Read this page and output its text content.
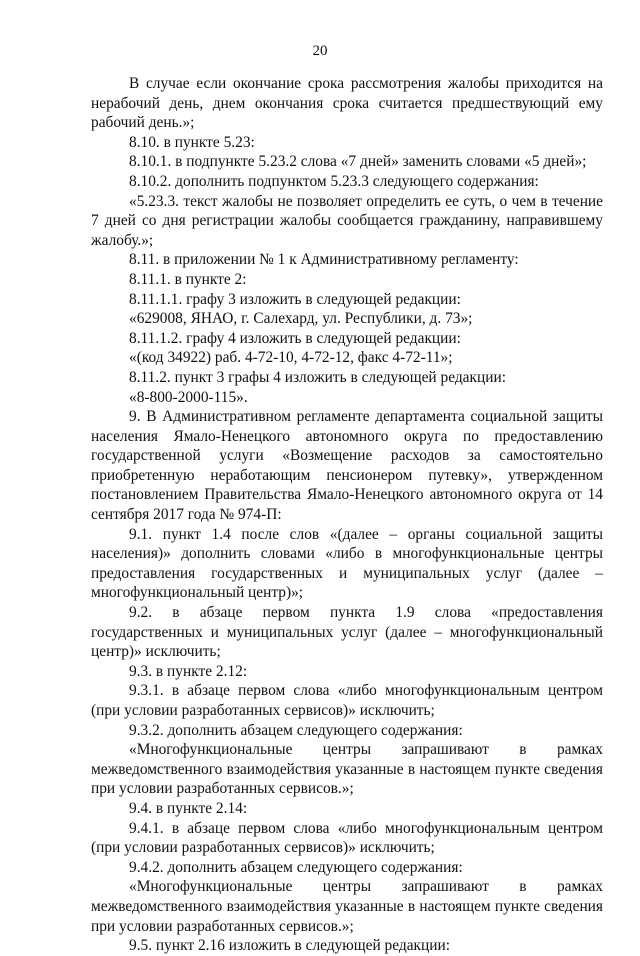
20

В случае если окончание срока рассмотрения жалобы приходится на нерабочий день, днем окончания срока считается предшествующий ему рабочий день.»;

8.10. в пункте 5.23:

8.10.1. в подпункте 5.23.2 слова «7 дней» заменить словами «5 дней»;

8.10.2. дополнить подпунктом 5.23.3 следующего содержания:

«5.23.3. текст жалобы не позволяет определить ее суть, о чем в течение 7 дней со дня регистрации жалобы сообщается гражданину, направившему жалобу.»;

8.11. в приложении № 1 к Административному регламенту:

8.11.1. в пункте 2:

8.11.1.1. графу 3 изложить в следующей редакции:

«629008, ЯНАО, г. Салехард, ул. Республики, д. 73»;

8.11.1.2. графу 4 изложить в следующей редакции:

«(код 34922) раб. 4-72-10, 4-72-12, факс 4-72-11»;

8.11.2. пункт 3 графы 4 изложить в следующей редакции:

«8-800-2000-115».

9. В Административном регламенте департамента социальной защиты населения Ямало-Ненецкого автономного округа по предоставлению государственной услуги «Возмещение расходов за самостоятельно приобретенную неработающим пенсионером путевку», утвержденном постановлением Правительства Ямало-Ненецкого автономного округа от 14 сентября 2017 года № 974-П:

9.1. пункт 1.4 после слов «(далее – органы социальной защиты населения)» дополнить словами «либо в многофункциональные центры предоставления государственных и муниципальных услуг (далее – многофункциональный центр)»;

9.2. в абзаце первом пункта 1.9 слова «предоставления государственных и муниципальных услуг (далее – многофункциональный центр)» исключить;

9.3. в пункте 2.12:

9.3.1. в абзаце первом слова «либо многофункциональным центром (при условии разработанных сервисов)» исключить;

9.3.2. дополнить абзацем следующего содержания:

«Многофункциональные центры запрашивают в рамках межведомственного взаимодействия указанные в настоящем пункте сведения при условии разработанных сервисов.»;

9.4. в пункте 2.14:

9.4.1. в абзаце первом слова «либо многофункциональным центром (при условии разработанных сервисов)» исключить;

9.4.2. дополнить абзацем следующего содержания:

«Многофункциональные центры запрашивают в рамках межведомственного взаимодействия указанные в настоящем пункте сведения при условии разработанных сервисов.»;

9.5. пункт 2.16 изложить в следующей редакции:
